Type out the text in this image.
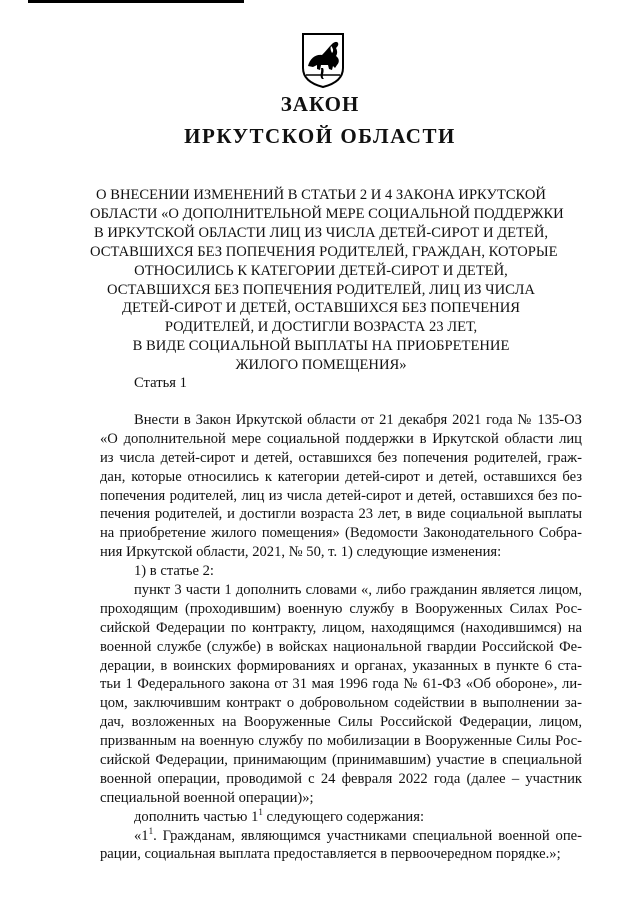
ЗАКОН
ИРКУТСКОЙ ОБЛАСТИ
О ВНЕСЕНИИ ИЗМЕНЕНИЙ В СТАТЬИ 2 И 4 ЗАКОНА ИРКУТСКОЙ
ОБЛАСТИ «О ДОПОЛНИТЕЛЬНОЙ МЕРЕ СОЦИАЛЬНОЙ ПОДДЕРЖКИ
В ИРКУТСКОЙ ОБЛАСТИ ЛИЦ ИЗ ЧИСЛА ДЕТЕЙ-СИРОТ И ДЕТЕЙ,
ОСТАВШИХСЯ БЕЗ ПОПЕЧЕНИЯ РОДИТЕЛЕЙ, ГРАЖДАН, КОТОРЫЕ
ОТНОСИЛИСЬ К КАТЕГОРИИ ДЕТЕЙ-СИРОТ И ДЕТЕЙ,
ОСТАВШИХСЯ БЕЗ ПОПЕЧЕНИЯ РОДИТЕЛЕЙ, ЛИЦ ИЗ ЧИСЛА
ДЕТЕЙ-СИРОТ И ДЕТЕЙ, ОСТАВШИХСЯ БЕЗ ПОПЕЧЕНИЯ
РОДИТЕЛЕЙ, И ДОСТИГЛИ ВОЗРАСТА 23 ЛЕТ,
В ВИДЕ СОЦИАЛЬНОЙ ВЫПЛАТЫ НА ПРИОБРЕТЕНИЕ
ЖИЛОГО ПОМЕЩЕНИЯ»
Статья 1
Внести в Закон Иркутской области от 21 декабря 2021 года № 135-ОЗ
«О дополнительной мере социальной поддержки в Иркутской области лиц
из числа детей-сирот и детей, оставшихся без попечения родителей, граж-
дан, которые относились к категории детей-сирот и детей, оставшихся без
попечения родителей, лиц из числа детей-сирот и детей, оставшихся без по-
печения родителей, и достигли возраста 23 лет, в виде социальной выплаты
на приобретение жилого помещения» (Ведомости Законодательного Собра-
ния Иркутской области, 2021, № 50, т. 1) следующие изменения:
1) в статье 2:
пункт 3 части 1 дополнить словами «, либо гражданин является лицом,
проходящим (проходившим) военную службу в Вооруженных Силах Рос-
сийской Федерации по контракту, лицом, находящимся (находившимся) на
военной службе (службе) в войсках национальной гвардии Российской Фе-
дерации, в воинских формированиях и органах, указанных в пункте 6 ста-
тьи 1 Федерального закона от 31 мая 1996 года № 61-ФЗ «Об обороне», ли-
цом, заключившим контракт о добровольном содействии в выполнении за-
дач, возложенных на Вооруженные Силы Российской Федерации, лицом,
призванным на военную службу по мобилизации в Вооруженные Силы Рос-
сийской Федерации, принимающим (принимавшим) участие в специальной
военной операции, проводимой с 24 февраля 2022 года (далее – участник
специальной военной операции)»;
дополнить частью $1^1$ следующего содержания:
«$1^1$. Гражданам, являющимся участниками специальной военной опе-
рации, социальная выплата предоставляется в первоочередном порядке.»;
